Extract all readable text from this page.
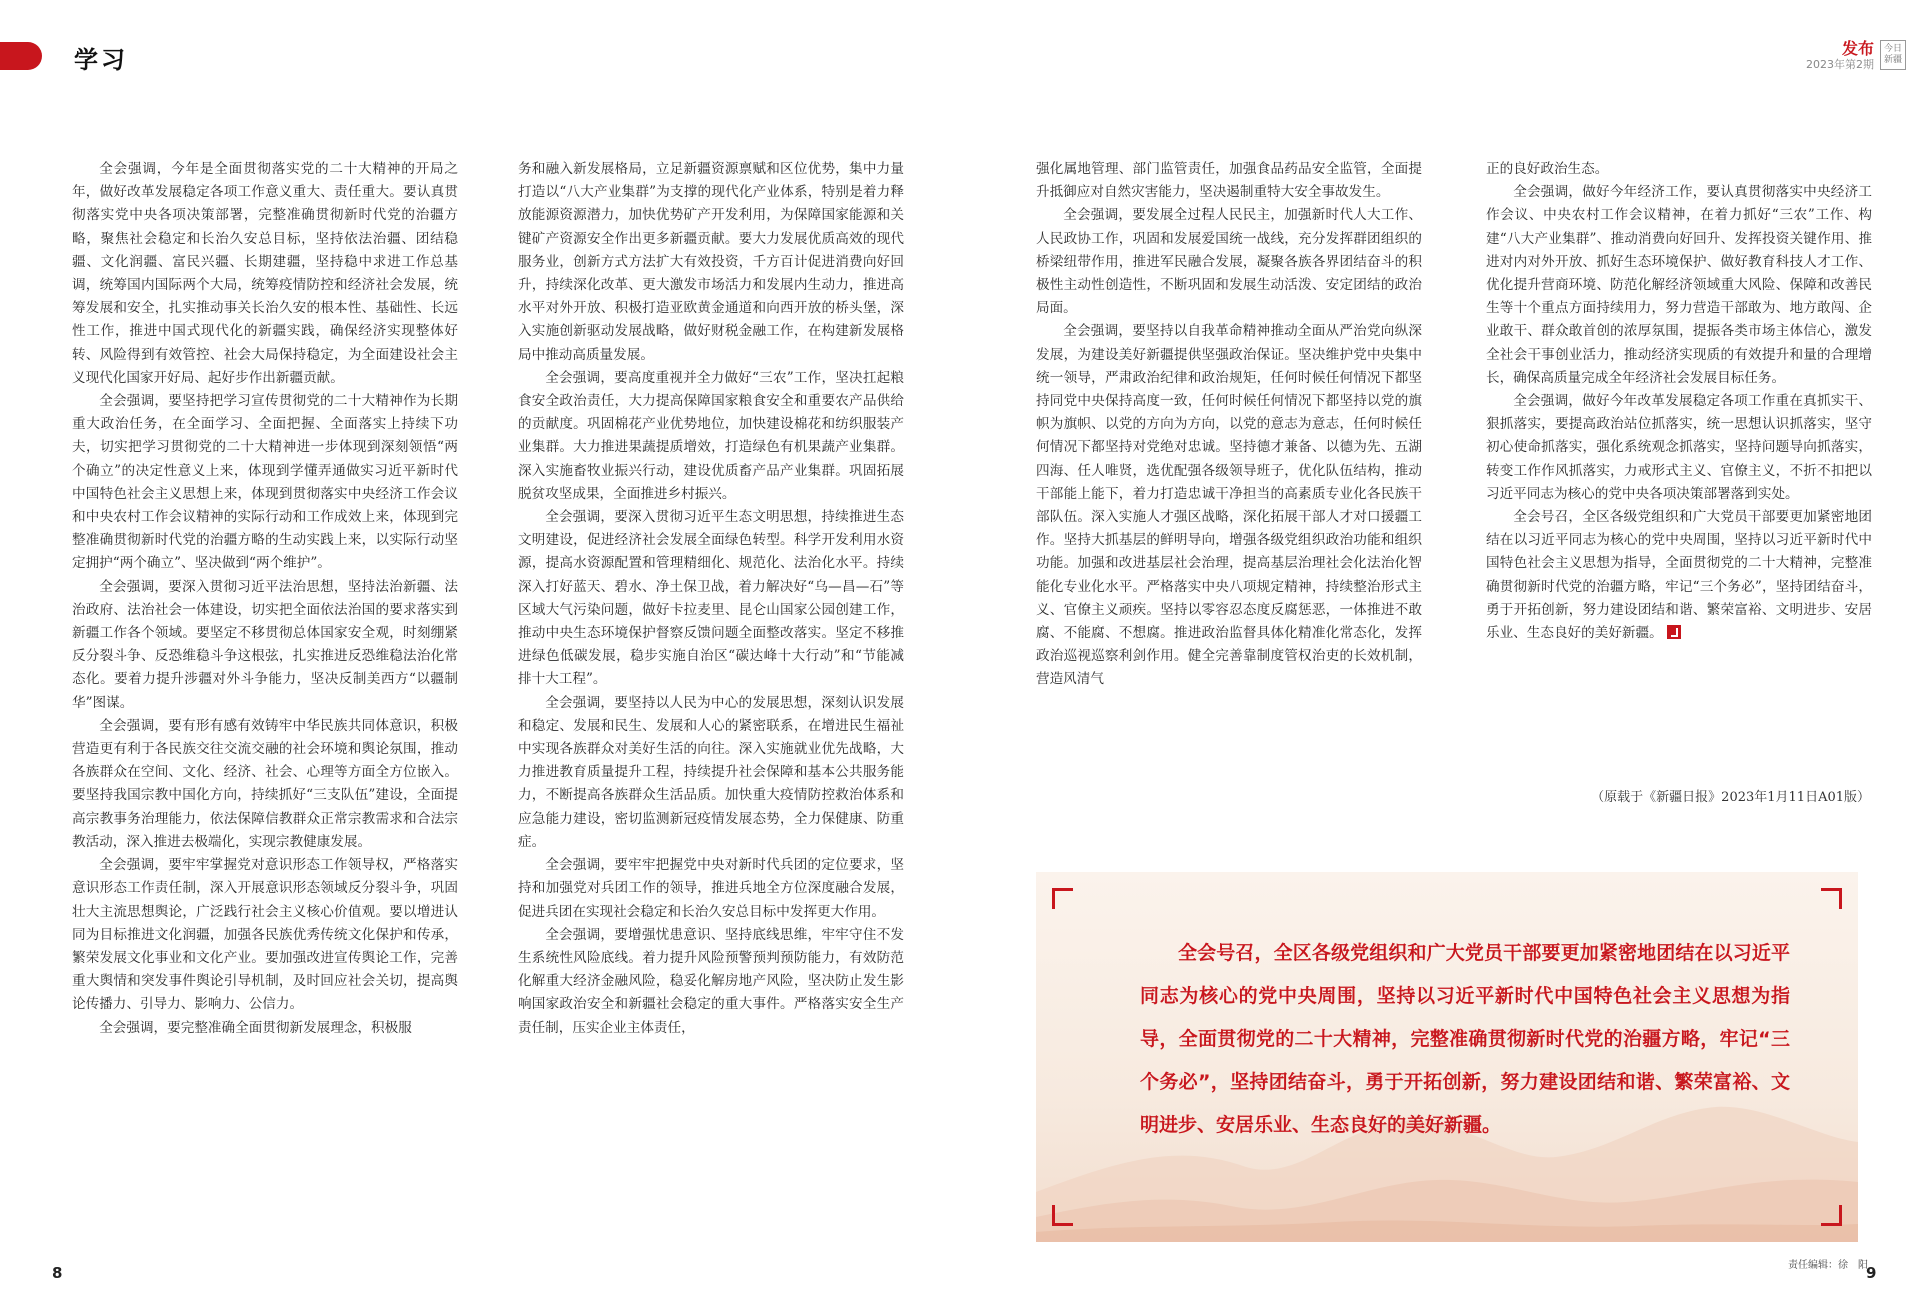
学习	发布
2023年第2期
今日
新疆

全会强调，今年是全面贯彻落实党的二十大精神的开局之年，做好改革发展稳定各项工作意义重大、责任重大。要认真贯彻落实党中央各项决策部署，完整准确贯彻新时代党的治疆方略，聚焦社会稳定和长治久安总目标，坚持依法治疆、团结稳疆、文化润疆、富民兴疆、长期建疆，坚持稳中求进工作总基调，统筹国内国际两个大局，统筹疫情防控和经济社会发展，统筹发展和安全，扎实推动事关长治久安的根本性、基础性、长远性工作，推进中国式现代化的新疆实践，确保经济实现整体好转、风险得到有效管控、社会大局保持稳定，为全面建设社会主义现代化国家开好局、起好步作出新疆贡献。

全会强调，要坚持把学习宣传贯彻党的二十大精神作为长期重大政治任务，在全面学习、全面把握、全面落实上持续下功夫，切实把学习贯彻党的二十大精神进一步体现到深刻领悟“两个确立”的决定性意义上来，体现到学懂弄通做实习近平新时代中国特色社会主义思想上来，体现到贯彻落实中央经济工作会议和中央农村工作会议精神的实际行动和工作成效上来，体现到完整准确贯彻新时代党的治疆方略的生动实践上来，以实际行动坚定拥护“两个确立”、坚决做到“两个维护”。

全会强调，要深入贯彻习近平法治思想，坚持法治新疆、法治政府、法治社会一体建设，切实把全面依法治国的要求落实到新疆工作各个领域。要坚定不移贯彻总体国家安全观，时刻绷紧反分裂斗争、反恐维稳斗争这根弦，扎实推进反恐维稳法治化常态化。要着力提升涉疆对外斗争能力，坚决反制美西方“以疆制华”图谋。

全会强调，要有形有感有效铸牢中华民族共同体意识，积极营造更有利于各民族交往交流交融的社会环境和舆论氛围，推动各族群众在空间、文化、经济、社会、心理等方面全方位嵌入。要坚持我国宗教中国化方向，持续抓好“三支队伍”建设，全面提高宗教事务治理能力，依法保障信教群众正常宗教需求和合法宗教活动，深入推进去极端化，实现宗教健康发展。

全会强调，要牢牢掌握党对意识形态工作领导权，严格落实意识形态工作责任制，深入开展意识形态领域反分裂斗争，巩固壮大主流思想舆论，广泛践行社会主义核心价值观。要以增进认同为目标推进文化润疆，加强各民族优秀传统文化保护和传承，繁荣发展文化事业和文化产业。要加强改进宣传舆论工作，完善重大舆情和突发事件舆论引导机制，及时回应社会关切，提高舆论传播力、引导力、影响力、公信力。

全会强调，要完整准确全面贯彻新发展理念，积极服

务和融入新发展格局，立足新疆资源禀赋和区位优势，集中力量打造以“八大产业集群”为支撑的现代化产业体系，特别是着力释放能源资源潜力，加快优势矿产开发利用，为保障国家能源和关键矿产资源安全作出更多新疆贡献。要大力发展优质高效的现代服务业，创新方式方法扩大有效投资，千方百计促进消费向好回升，持续深化改革、更大激发市场活力和发展内生动力，推进高水平对外开放、积极打造亚欧黄金通道和向西开放的桥头堡，深入实施创新驱动发展战略，做好财税金融工作，在构建新发展格局中推动高质量发展。

全会强调，要高度重视并全力做好“三农”工作，坚决扛起粮食安全政治责任，大力提高保障国家粮食安全和重要农产品供给的贡献度。巩固棉花产业优势地位，加快建设棉花和纺织服装产业集群。大力推进果蔬提质增效，打造绿色有机果蔬产业集群。深入实施畜牧业振兴行动，建设优质畜产品产业集群。巩固拓展脱贫攻坚成果，全面推进乡村振兴。

全会强调，要深入贯彻习近平生态文明思想，持续推进生态文明建设，促进经济社会发展全面绿色转型。科学开发利用水资源，提高水资源配置和管理精细化、规范化、法治化水平。持续深入打好蓝天、碧水、净土保卫战，着力解决好“乌—昌—石”等区域大气污染问题，做好卡拉麦里、昆仑山国家公园创建工作，推动中央生态环境保护督察反馈问题全面整改落实。坚定不移推进绿色低碳发展，稳步实施自治区“碳达峰十大行动”和“节能减排十大工程”。

全会强调，要坚持以人民为中心的发展思想，深刻认识发展和稳定、发展和民生、发展和人心的紧密联系，在增进民生福祉中实现各族群众对美好生活的向往。深入实施就业优先战略，大力推进教育质量提升工程，持续提升社会保障和基本公共服务能力，不断提高各族群众生活品质。加快重大疫情防控救治体系和应急能力建设，密切监测新冠疫情发展态势，全力保健康、防重症。

全会强调，要牢牢把握党中央对新时代兵团的定位要求，坚持和加强党对兵团工作的领导，推进兵地全方位深度融合发展，促进兵团在实现社会稳定和长治久安总目标中发挥更大作用。

全会强调，要增强忧患意识、坚持底线思维，牢牢守住不发生系统性风险底线。着力提升风险预警预判预防能力，有效防范化解重大经济金融风险，稳妥化解房地产风险，坚决防止发生影响国家政治安全和新疆社会稳定的重大事件。严格落实安全生产责任制，压实企业主体责任，

强化属地管理、部门监管责任，加强食品药品安全监管，全面提升抵御应对自然灾害能力，坚决遏制重特大安全事故发生。

全会强调，要发展全过程人民民主，加强新时代人大工作、人民政协工作，巩固和发展爱国统一战线，充分发挥群团组织的桥梁纽带作用，推进军民融合发展，凝聚各族各界团结奋斗的积极性主动性创造性，不断巩固和发展生动活泼、安定团结的政治局面。

全会强调，要坚持以自我革命精神推动全面从严治党向纵深发展，为建设美好新疆提供坚强政治保证。坚决维护党中央集中统一领导，严肃政治纪律和政治规矩，任何时候任何情况下都坚持同党中央保持高度一致，任何时候任何情况下都坚持以党的旗帜为旗帜、以党的方向为方向，以党的意志为意志，任何时候任何情况下都坚持对党绝对忠诚。坚持德才兼备、以德为先、五湖四海、任人唯贤，选优配强各级领导班子，优化队伍结构，推动干部能上能下，着力打造忠诚干净担当的高素质专业化各民族干部队伍。深入实施人才强区战略，深化拓展干部人才对口援疆工作。坚持大抓基层的鲜明导向，增强各级党组织政治功能和组织功能。加强和改进基层社会治理，提高基层治理社会化法治化智能化专业化水平。严格落实中央八项规定精神，持续整治形式主义、官僚主义顽疾。坚持以零容忍态度反腐惩恶，一体推进不敢腐、不能腐、不想腐。推进政治监督具体化精准化常态化，发挥政治巡视巡察利剑作用。健全完善靠制度管权治吏的长效机制，营造风清气

正的良好政治生态。

全会强调，做好今年经济工作，要认真贯彻落实中央经济工作会议、中央农村工作会议精神，在着力抓好“三农”工作、构建“八大产业集群”、推动消费向好回升、发挥投资关键作用、推进对内对外开放、抓好生态环境保护、做好教育科技人才工作、优化提升营商环境、防范化解经济领域重大风险、保障和改善民生等十个重点方面持续用力，努力营造干部敢为、地方敢闯、企业敢干、群众敢首创的浓厚氛围，提振各类市场主体信心，激发全社会干事创业活力，推动经济实现质的有效提升和量的合理增长，确保高质量完成全年经济社会发展目标任务。

全会强调，做好今年改革发展稳定各项工作重在真抓实干、狠抓落实，要提高政治站位抓落实，统一思想认识抓落实，坚守初心使命抓落实，强化系统观念抓落实，坚持问题导向抓落实，转变工作作风抓落实，力戒形式主义、官僚主义，不折不扣把以习近平同志为核心的党中央各项决策部署落到实处。

全会号召，全区各级党组织和广大党员干部要更加紧密地团结在以习近平同志为核心的党中央周围，坚持以习近平新时代中国特色社会主义思想为指导，全面贯彻党的二十大精神，完整准确贯彻新时代党的治疆方略，牢记“三个务必”，坚持团结奋斗，勇于开拓创新，努力建设团结和谐、繁荣富裕、文明进步、安居乐业、生态良好的美好新疆。

（原载于《新疆日报》2023年1月11日A01版）
全会号召，全区各级党组织和广大党员干部要更加紧密地团结在以习近平同志为核心的党中央周围，坚持以习近平新时代中国特色社会主义思想为指导，全面贯彻党的二十大精神，完整准确贯彻新时代党的治疆方略，牢记“三个务必”，坚持团结奋斗，勇于开拓创新，努力建设团结和谐、繁荣富裕、文明进步、安居乐业、生态良好的美好新疆。
责任编辑：徐　阳
8	9
